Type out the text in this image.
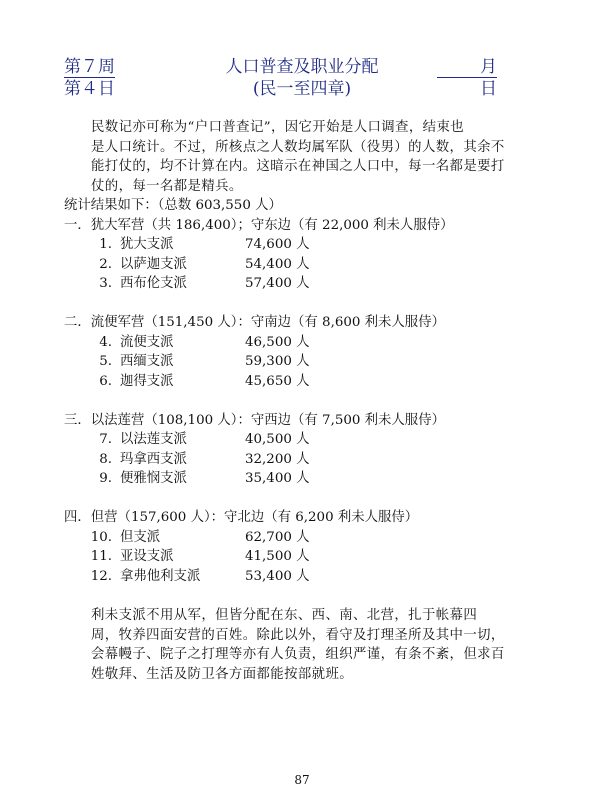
第７周	人口普查及职业分配	月
第４日	(民一至四章)	日
民数记亦可称为“户口普查记”，因它开始是人口调查，结束也
是人口统计。不过，所核点之人数均属军队（役男）的人数，其余不
能打仗的，均不计算在内。这暗示在神国之人口中，每一名都是要打
仗的，每一名都是精兵。
统计结果如下：（总数 603,550 人）
一．犹大军营（共 186,400）；守东边（有 22,000 利未人服侍）
1. 犹大支派	74,600 人
2. 以萨迦支派	54,400 人
3. 西布伦支派	57,400 人
二．流便军营（151,450 人）：守南边（有 8,600 利未人服侍）
4. 流便支派	46,500 人
5. 西缅支派	59,300 人
6. 迦得支派	45,650 人
三．以法莲营（108,100 人）：守西边（有 7,500 利未人服侍）
7. 以法莲支派	40,500 人
8. 玛拿西支派	32,200 人
9. 便雅悯支派	35,400 人
四．但营（157,600 人）：守北边（有 6,200 利未人服侍）
10. 但支派	62,700 人
11. 亚设支派	41,500 人
12. 拿弗他利支派	53,400 人
利未支派不用从军，但皆分配在东、西、南、北营，扎于帐幕四
周，牧养四面安营的百姓。除此以外，看守及打理圣所及其中一切，
会幕幔子、院子之打理等亦有人负责，组织严谨，有条不紊，但求百
姓敬拜、生活及防卫各方面都能按部就班。
87
